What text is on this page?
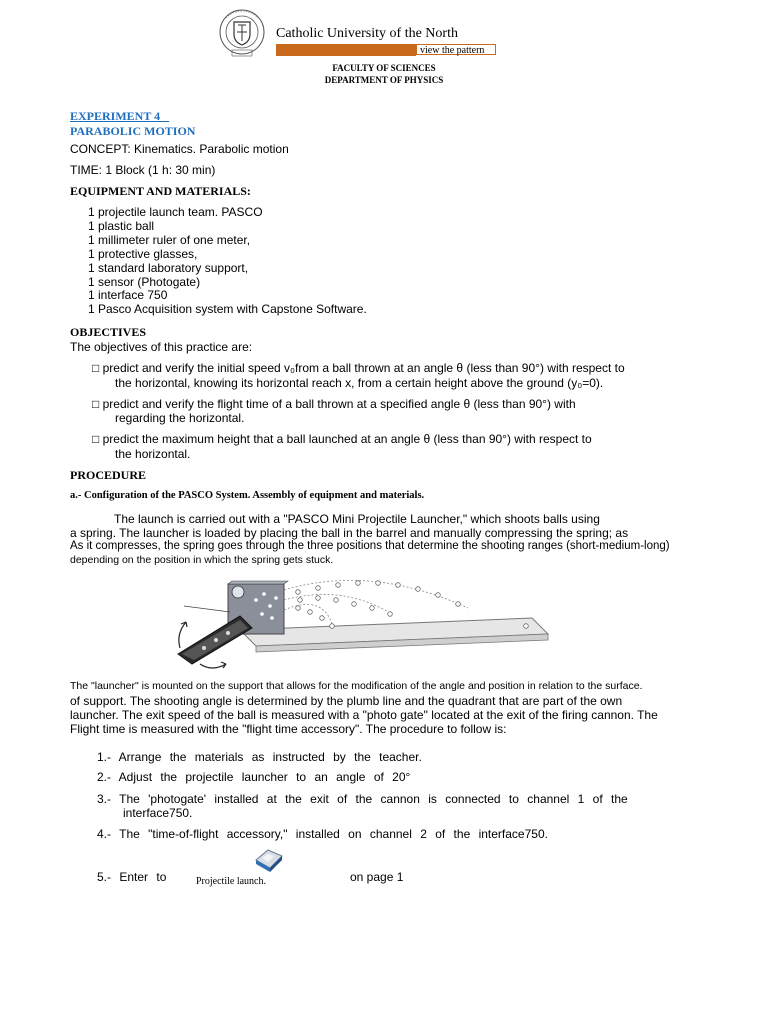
Catholic University of the North
view the pattern
FACULTY OF SCIENCES
DEPARTMENT OF PHYSICS
EXPERIMENT 4
PARABOLIC MOTION
CONCEPT: Kinematics. Parabolic motion
TIME: 1 Block (1 h: 30 min)
EQUIPMENT AND MATERIALS:
1 projectile launch team. PASCO
1 plastic ball
1 millimeter ruler of one meter,
1 protective glasses,
1 standard laboratory support,
1 sensor (Photogate)
1 interface 750
1 Pasco Acquisition system with Capstone Software.
OBJECTIVES
The objectives of this practice are:
□ predict and verify the initial speed v₀from a ball thrown at an angle θ (less than 90°) with respect to
the horizontal, knowing its horizontal reach x, from a certain height above the ground (y₀=0).
□ predict and verify the flight time of a ball thrown at a specified angle θ (less than 90°) with
regarding the horizontal.
□ predict the maximum height that a ball launched at an angle θ (less than 90°) with respect to
the horizontal.
PROCEDURE
a.- Configuration of the PASCO System. Assembly of equipment and materials.
The launch is carried out with a "PASCO Mini Projectile Launcher," which shoots balls using
a spring. The launcher is loaded by placing the ball in the barrel and manually compressing the spring; as
As it compresses, the spring goes through the three positions that determine the shooting ranges (short-medium-long)
depending on the position in which the spring gets stuck.
The "launcher" is mounted on the support that allows for the modification of the angle and position in relation to the surface.
of support. The shooting angle is determined by the plumb line and the quadrant that are part of the own
launcher. The exit speed of the ball is measured with a "photo gate" located at the exit of the firing cannon. The
Flight time is measured with the "flight time accessory". The procedure to follow is:
1.- Arrange the materials as instructed by the teacher.
2.- Adjust the projectile launcher to an angle of 20°
3.- The 'photogate' installed at the exit of the cannon is connected to channel 1 of the
interface750.
4.- The "time-of-flight accessory," installed on channel 2 of the interface750.
5.- Enter to	Projectile launch.	on page 1
